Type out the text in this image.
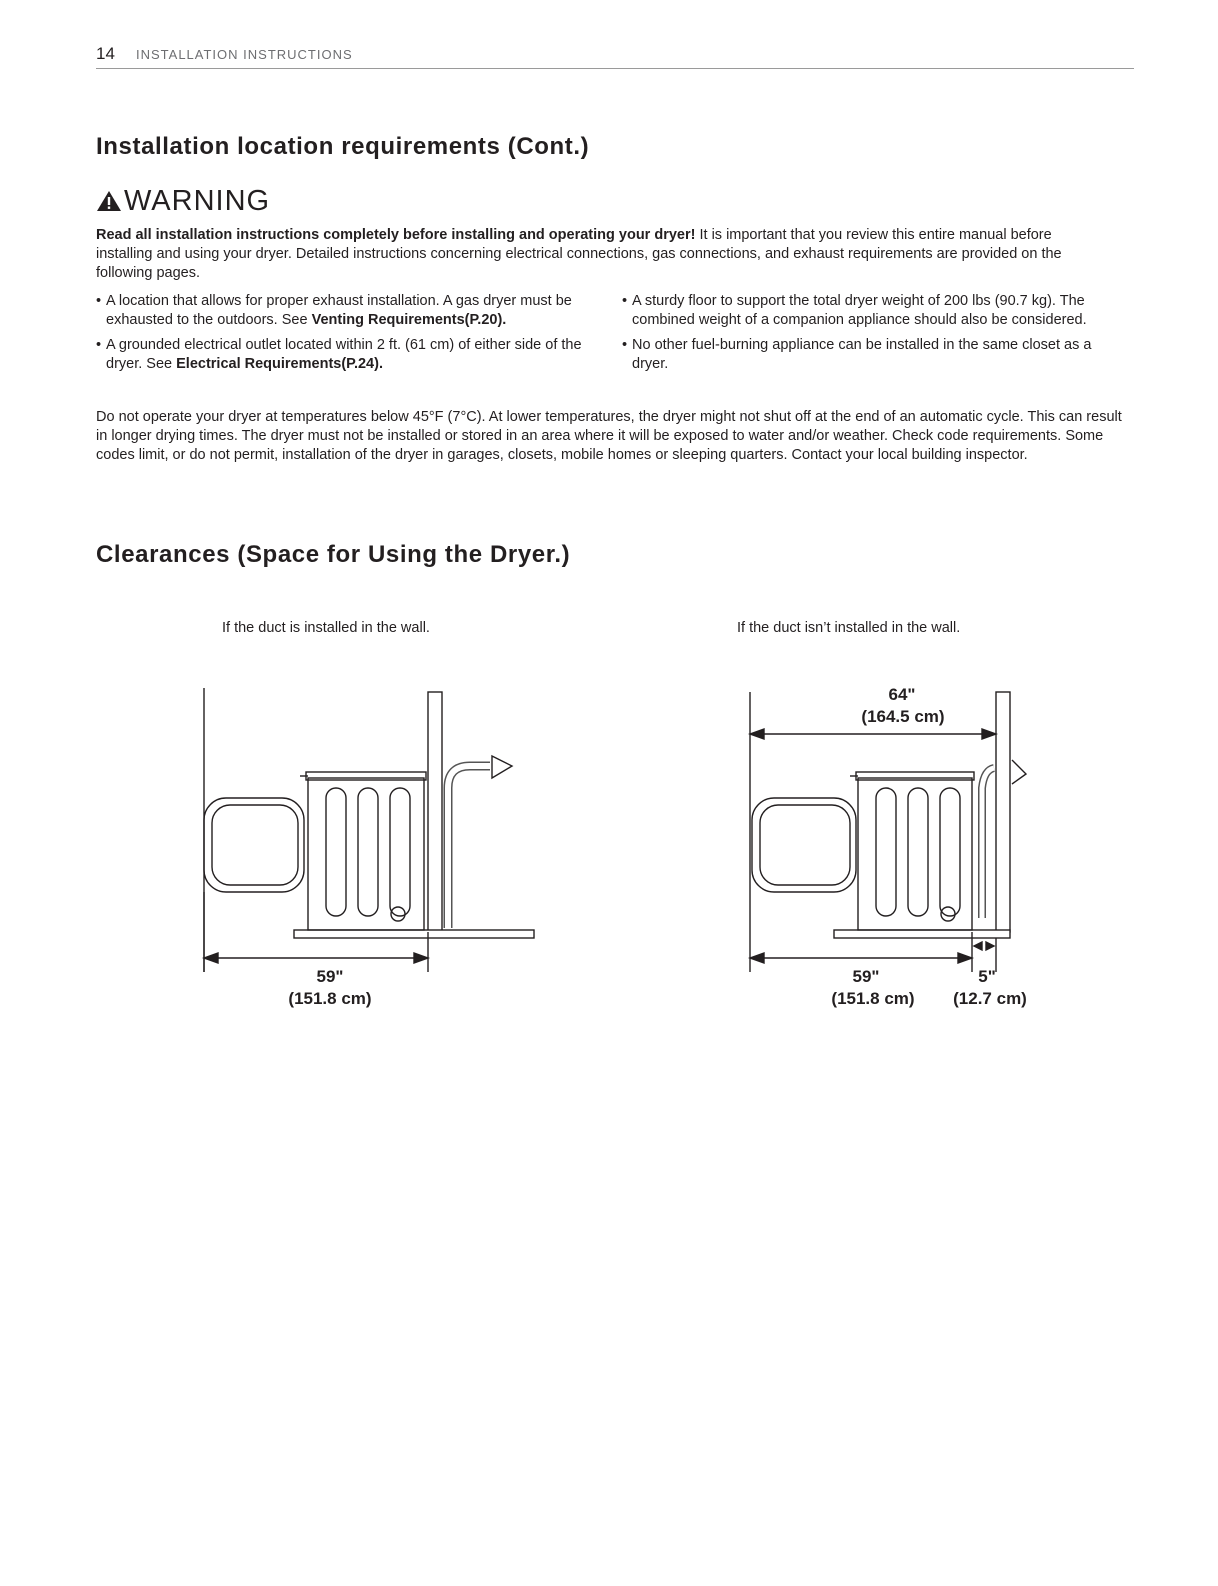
14 INSTALLATION INSTRUCTIONS
Installation location requirements (Cont.)
WARNING

Read all installation instructions completely before installing and operating your dryer! It is important that you review this entire manual before installing and using your dryer. Detailed instructions concerning electrical connections, gas connections, and exhaust requirements are provided on the following pages.

• A location that allows for proper exhaust installation. A gas dryer must be exhausted to the outdoors. See Venting Requirements(P.20).
• A grounded electrical outlet located within 2 ft. (61 cm) of either side of the dryer. See Electrical Requirements(P.24).
• A sturdy floor to support the total dryer weight of 200 lbs (90.7 kg). The combined weight of a companion appliance should also be considered.
• No other fuel-burning appliance can be installed in the same closet as a dryer.

Do not operate your dryer at temperatures below 45°F (7°C). At lower temperatures, the dryer might not shut off at the end of an automatic cycle. This can result in longer drying times. The dryer must not be installed or stored in an area where it will be exposed to water and/or weather. Check code requirements. Some codes limit, or do not permit, installation of the dryer in garages, closets, mobile homes or sleeping quarters. Contact your local building inspector.

Clearances (Space for Using the Dryer.)
If the duct is installed in the wall.	If the duct isn’t installed in the wall.
59"
(151.8 cm)
64"
(164.5 cm)
59"
(151.8 cm)
5"
(12.7 cm)
